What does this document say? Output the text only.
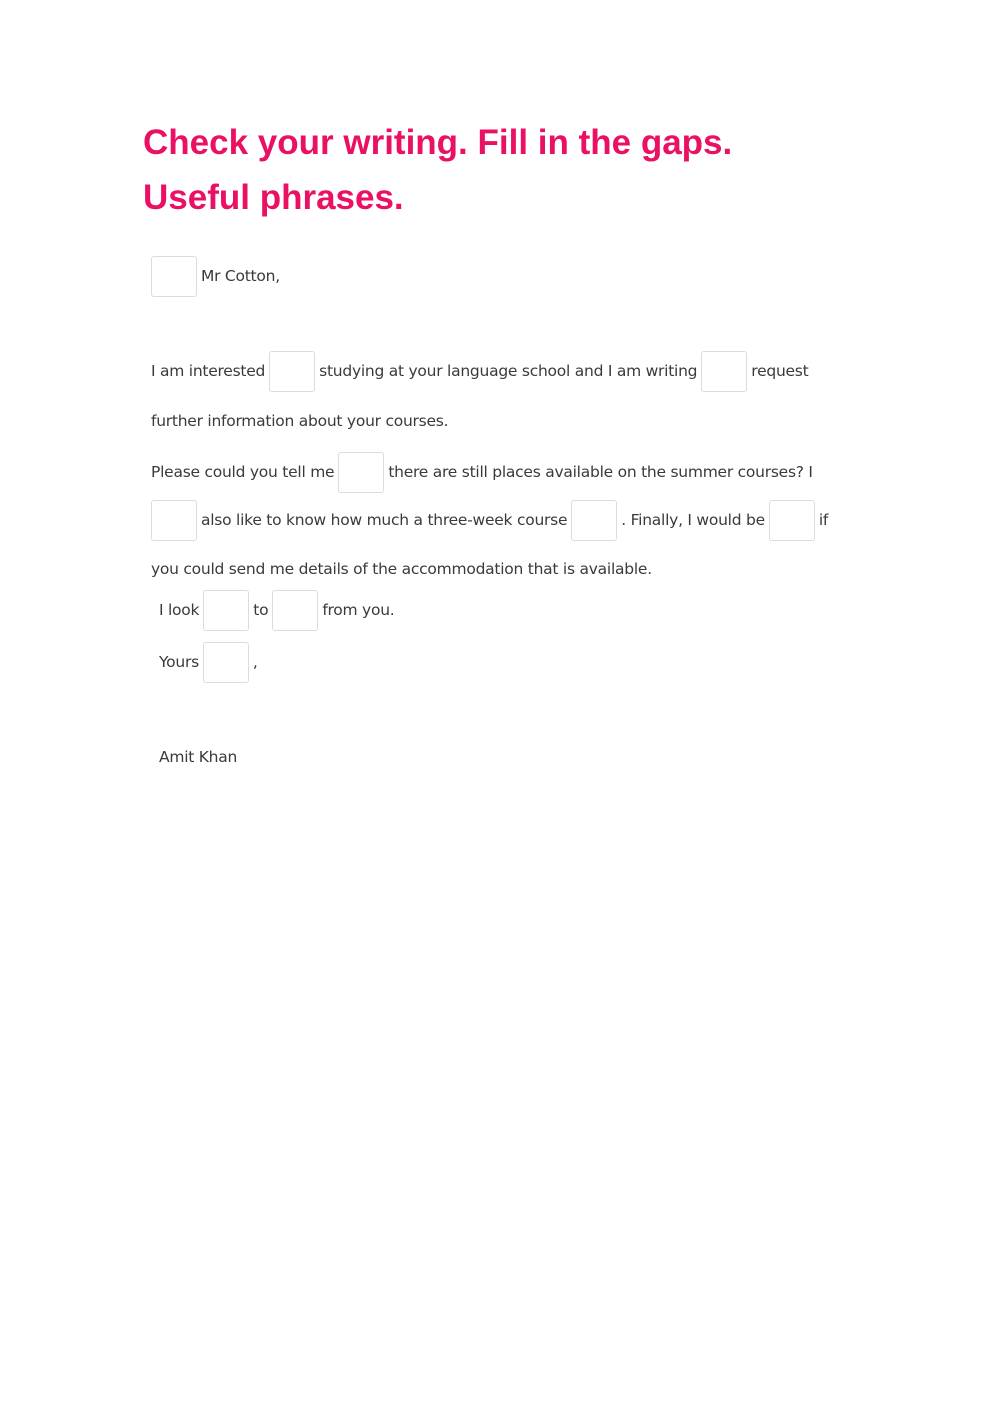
Check your writing. Fill in the gaps.
Useful phrases.
Mr Cotton,
I am interested	studying at your language school and I am writing	request
further information about your courses.
Please could you tell me	there are still places available on the summer courses? I
also like to know how much a three-week course	. Finally, I would be	if
you could send me details of the accommodation that is available.
I look	to	from you.
Yours	,
Amit Khan
